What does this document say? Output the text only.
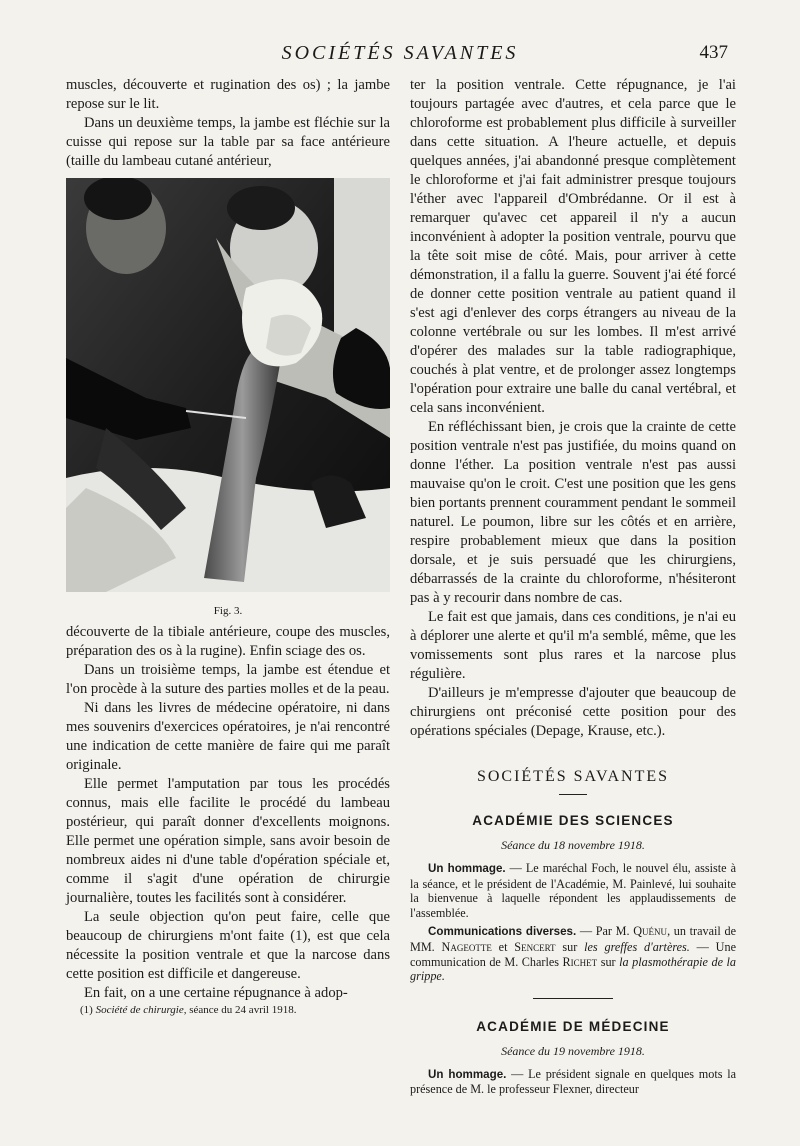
SOCIÉTÉS SAVANTES	437

muscles, découverte et rugination des os) ; la jambe repose sur le lit.

Dans un deuxième temps, la jambe est fléchie sur la cuisse qui repose sur la table par sa face antérieure (taille du lambeau cutané antérieur,

Fig. 3.

découverte de la tibiale antérieure, coupe des muscles, préparation des os à la rugine). Enfin sciage des os.

Dans un troisième temps, la jambe est étendue et l'on procède à la suture des parties molles et de la peau.

Ni dans les livres de médecine opératoire, ni dans mes souvenirs d'exercices opératoires, je n'ai rencontré une indication de cette manière de faire qui me paraît originale.

Elle permet l'amputation par tous les procédés connus, mais elle facilite le procédé du lambeau postérieur, qui paraît donner d'excellents moignons. Elle permet une opération simple, sans avoir besoin de nombreux aides ni d'une table d'opération spéciale et, comme il s'agit d'une opération de chirurgie journalière, toutes les facilités sont à considérer.

La seule objection qu'on peut faire, celle que beaucoup de chirurgiens m'ont faite (1), est que cela nécessite la position ventrale et que la narcose dans cette position est difficile et dangereuse.

En fait, on a une certaine répugnance à adop-

(1) Société de chirurgie, séance du 24 avril 1918.

ter la position ventrale. Cette répugnance, je l'ai toujours partagée avec d'autres, et cela parce que le chloroforme est probablement plus difficile à surveiller dans cette situation. A l'heure actuelle, et depuis quelques années, j'ai abandonné presque complètement le chloroforme et j'ai fait administrer presque toujours l'éther avec l'appareil d'Ombrédanne. Or il est à remarquer qu'avec cet appareil il n'y a aucun inconvénient à adopter la position ventrale, pourvu que la tête soit mise de côté. Mais, pour arriver à cette démonstration, il a fallu la guerre. Souvent j'ai été forcé de donner cette position ventrale au patient quand il s'est agi d'enlever des corps étrangers au niveau de la colonne vertébrale ou sur les lombes. Il m'est arrivé d'opérer des malades sur la table radiographique, couchés à plat ventre, et de prolonger assez longtemps l'opération pour extraire une balle du canal vertébral, et cela sans inconvénient.

En réfléchissant bien, je crois que la crainte de cette position ventrale n'est pas justifiée, du moins quand on donne l'éther. La position ventrale n'est pas aussi mauvaise qu'on le croit. C'est une position que les gens bien portants prennent couramment pendant le sommeil naturel. Le poumon, libre sur les côtés et en arrière, respire probablement mieux que dans la position dorsale, et je suis persuadé que les chirurgiens, débarrassés de la crainte du chloroforme, n'hésiteront pas à y recourir dans nombre de cas.

Le fait est que jamais, dans ces conditions, je n'ai eu à déplorer une alerte et qu'il m'a semblé, même, que les vomissements sont plus rares et la narcose plus régulière.

D'ailleurs je m'empresse d'ajouter que beaucoup de chirurgiens ont préconisé cette position pour des opérations spéciales (Depage, Krause, etc.).

SOCIÉTÉS SAVANTES
ACADÉMIE DES SCIENCES
Séance du 18 novembre 1918.

Un hommage. — Le maréchal Foch, le nouvel élu, assiste à la séance, et le président de l'Académie, M. Painlevé, lui souhaite la bienvenue à laquelle répondent les applaudissements de l'assemblée.

Communications diverses. — Par M. Quénu, un travail de MM. Nageotte et Sencert sur les greffes d'artères. — Une communication de M. Charles Richet sur la plasmothérapie de la grippe.

ACADÉMIE DE MÉDECINE
Séance du 19 novembre 1918.

Un hommage. — Le président signale en quelques mots la présence de M. le professeur Flexner, directeur
